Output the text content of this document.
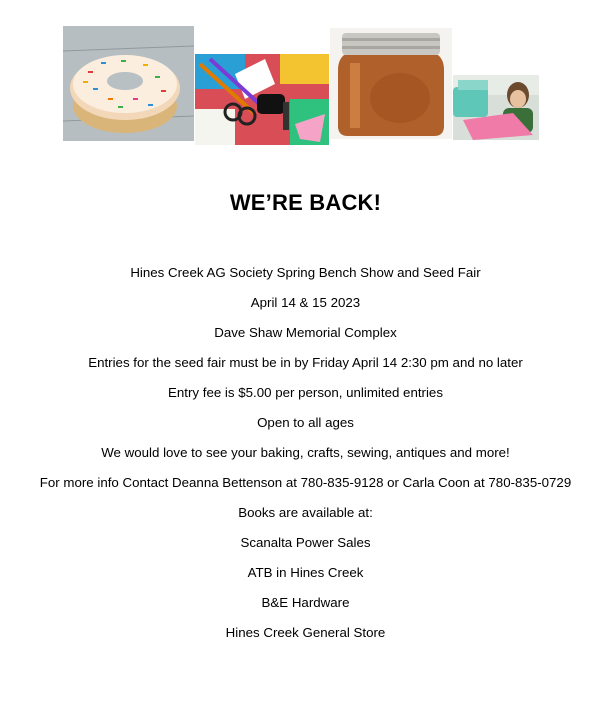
WE’RE BACK!
Hines Creek AG Society Spring Bench Show and Seed Fair
April 14 & 15 2023
Dave Shaw Memorial Complex
Entries for the seed fair must be in by Friday April 14 2:30 pm and no later
Entry fee is $5.00 per person, unlimited entries
Open to all ages
We would love to see your baking, crafts, sewing, antiques and more!
For more info Contact Deanna Bettenson at 780-835-9128 or Carla Coon at 780-835-0729
Books are available at:
Scanalta Power Sales
ATB in Hines Creek
B&E Hardware
Hines Creek General Store
